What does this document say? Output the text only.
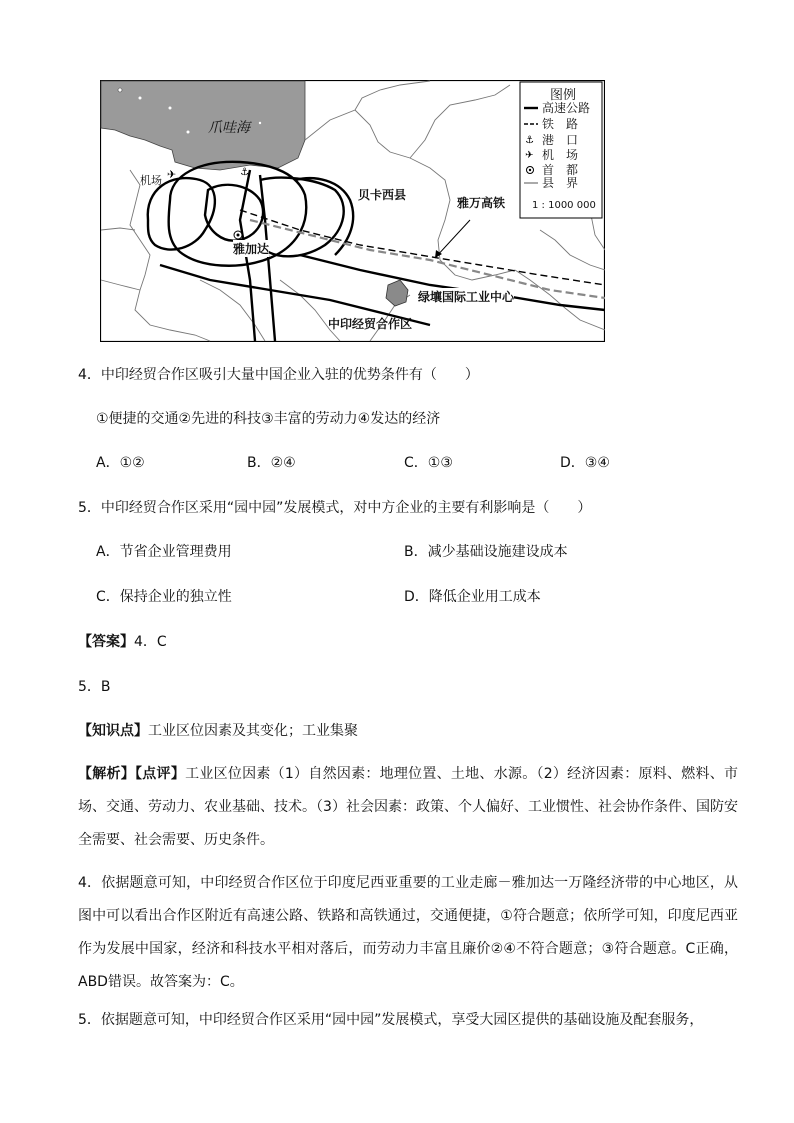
⚓
✈
⚓
✈
爪哇海
机场
贝卡西县
雅万高铁
雅加达
绿壤国际工业中心
中印经贸合作区
图例
高速公路
铁　路
港　口
机　场
首　都
县　界
1 : 1000 000
4．中印经贸合作区吸引大量中国企业入驻的优势条件有（　　）
①便捷的交通②先进的科技③丰富的劳动力④发达的经济
A．①②	B．②④	C．①③	D．③④
5．中印经贸合作区采用“园中园”发展模式，对中方企业的主要有利影响是（　　）
A．节省企业管理费用	B．减少基础设施建设成本
C．保持企业的独立性	D．降低企业用工成本
【答案】4．C
5．B
【知识点】工业区位因素及其变化；工业集聚
【解析】【点评】工业区位因素（1）自然因素：地理位置、土地、水源。（2）经济因素：原料、燃料、市场、交通、劳动力、农业基础、技术。（3）社会因素：政策、个人偏好、工业惯性、社会协作条件、国防安全需要、社会需要、历史条件。
4．依据题意可知，中印经贸合作区位于印度尼西亚重要的工业走廊－雅加达一万隆经济带的中心地区，从图中可以看出合作区附近有高速公路、铁路和高铁通过，交通便捷，①符合题意；依所学可知，印度尼西亚作为发展中国家，经济和科技水平相对落后，而劳动力丰富且廉价②④不符合题意；③符合题意。C正确，ABD错误。故答案为：C。
5．依据题意可知，中印经贸合作区采用“园中园”发展模式，享受大园区提供的基础设施及配套服务，
